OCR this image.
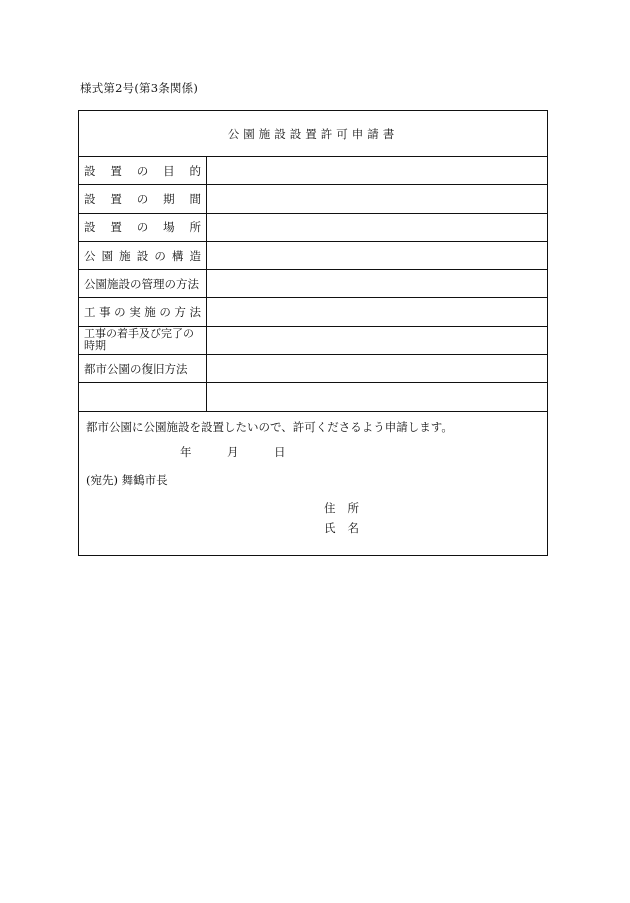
様式第2号(第3条関係)
公園施設設置許可申請書
設 置 の 目 的
設 置 の 期 間
設 置 の 場 所
公 園 施 設 の 構 造
公園施設の管理の方法
工 事 の 実 施 の 方 法
工事の着手及び完了の時期
都市公園の復旧方法
都市公園に公園施設を設置したいので、許可くださるよう申請します。
年	月	日
(宛先) 舞鶴市長
住所
氏名
